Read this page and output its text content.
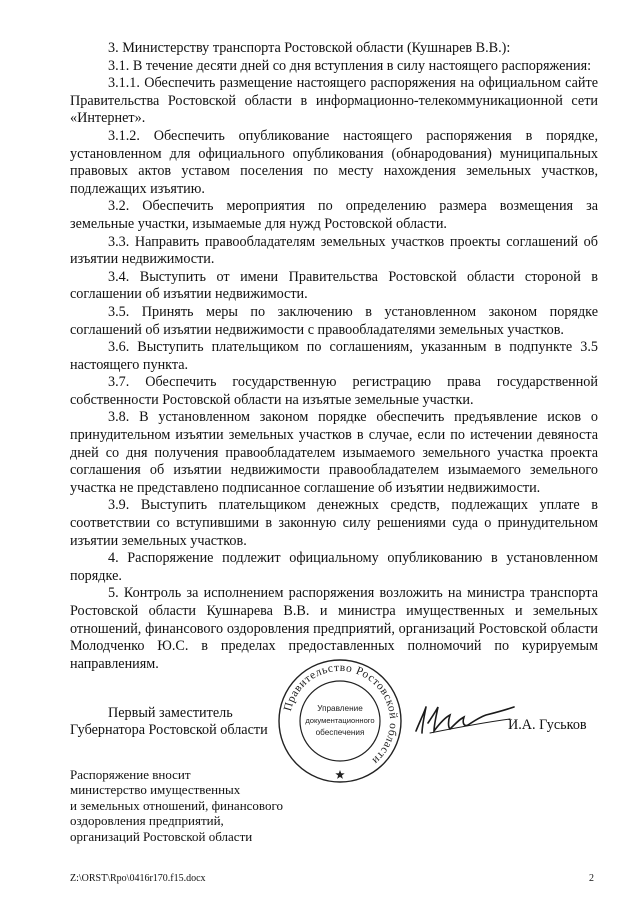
3. Министерству транспорта Ростовской области (Кушнарев В.В.):

3.1. В течение десяти дней со дня вступления в силу настоящего распоряжения:

3.1.1. Обеспечить размещение настоящего распоряжения на официальном сайте Правительства Ростовской области в информационно-телекоммуникационной сети «Интернет».

3.1.2. Обеспечить опубликование настоящего распоряжения в порядке, установленном для официального опубликования (обнародования) муниципальных правовых актов уставом поселения по месту нахождения земельных участков, подлежащих изъятию.

3.2. Обеспечить мероприятия по определению размера возмещения за земельные участки, изымаемые для нужд Ростовской области.

3.3. Направить правообладателям земельных участков проекты соглашений об изъятии недвижимости.

3.4. Выступить от имени Правительства Ростовской области стороной в соглашении об изъятии недвижимости.

3.5. Принять меры по заключению в установленном законом порядке соглашений об изъятии недвижимости с правообладателями земельных участков.

3.6. Выступить плательщиком по соглашениям, указанным в подпункте 3.5 настоящего пункта.

3.7. Обеспечить государственную регистрацию права государственной собственности Ростовской области на изъятые земельные участки.

3.8. В установленном законом порядке обеспечить предъявление исков о принудительном изъятии земельных участков в случае, если по истечении девяноста дней со дня получения правообладателем изымаемого земельного участка проекта соглашения об изъятии недвижимости правообладателем изымаемого земельного участка не представлено подписанное соглашение об изъятии недвижимости.

3.9. Выступить плательщиком денежных средств, подлежащих уплате в соответствии со вступившими в законную силу решениями суда о принудительном изъятии земельных участков.

4. Распоряжение подлежит официальному опубликованию в установленном порядке.

5. Контроль за исполнением распоряжения возложить на министра транспорта Ростовской области Кушнарева В.В. и министра имущественных и земельных отношений, финансового оздоровления предприятий, организаций Ростовской области Молодченко Ю.С. в пределах предоставленных полномочий по курируемым направлениям.

Первый заместитель
Губернатора Ростовской области	И.А. Гуськов
Правительство Ростовской области
Управление
документационного
обеспечения
Распоряжение вносит
министерство имущественных
и земельных отношений, финансового
оздоровления предприятий,
организаций Ростовской области
Z:\ORST\Rpo\0416r170.f15.docx	2
